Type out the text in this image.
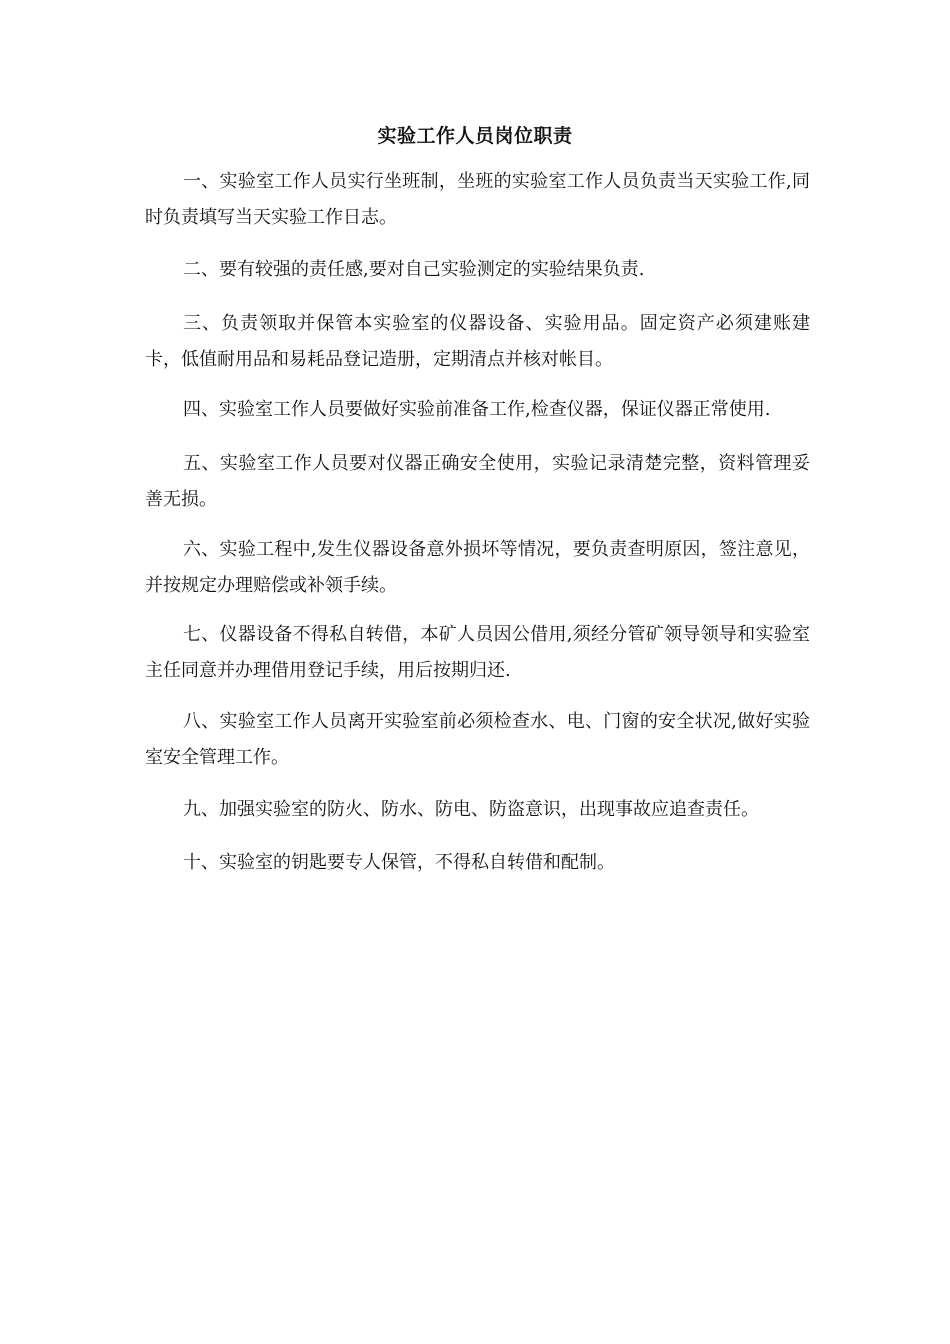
实验工作人员岗位职责

一、实验室工作人员实行坐班制，坐班的实验室工作人员负责当天实验工作,同时负责填写当天实验工作日志。

二、要有较强的责任感,要对自己实验测定的实验结果负责.

三、负责领取并保管本实验室的仪器设备、实验用品。固定资产必须建账建卡，低值耐用品和易耗品登记造册，定期清点并核对帐目。

四、实验室工作人员要做好实验前准备工作,检查仪器，保证仪器正常使用.

五、实验室工作人员要对仪器正确安全使用，实验记录清楚完整，资料管理妥善无损。

六、实验工程中,发生仪器设备意外损坏等情况，要负责查明原因，签注意见，并按规定办理赔偿或补领手续。

七、仪器设备不得私自转借，本矿人员因公借用,须经分管矿领导领导和实验室主任同意并办理借用登记手续，用后按期归还.

八、实验室工作人员离开实验室前必须检查水、电、门窗的安全状况,做好实验室安全管理工作。

九、加强实验室的防火、防水、防电、防盗意识，出现事故应追查责任。

十、实验室的钥匙要专人保管，不得私自转借和配制。
